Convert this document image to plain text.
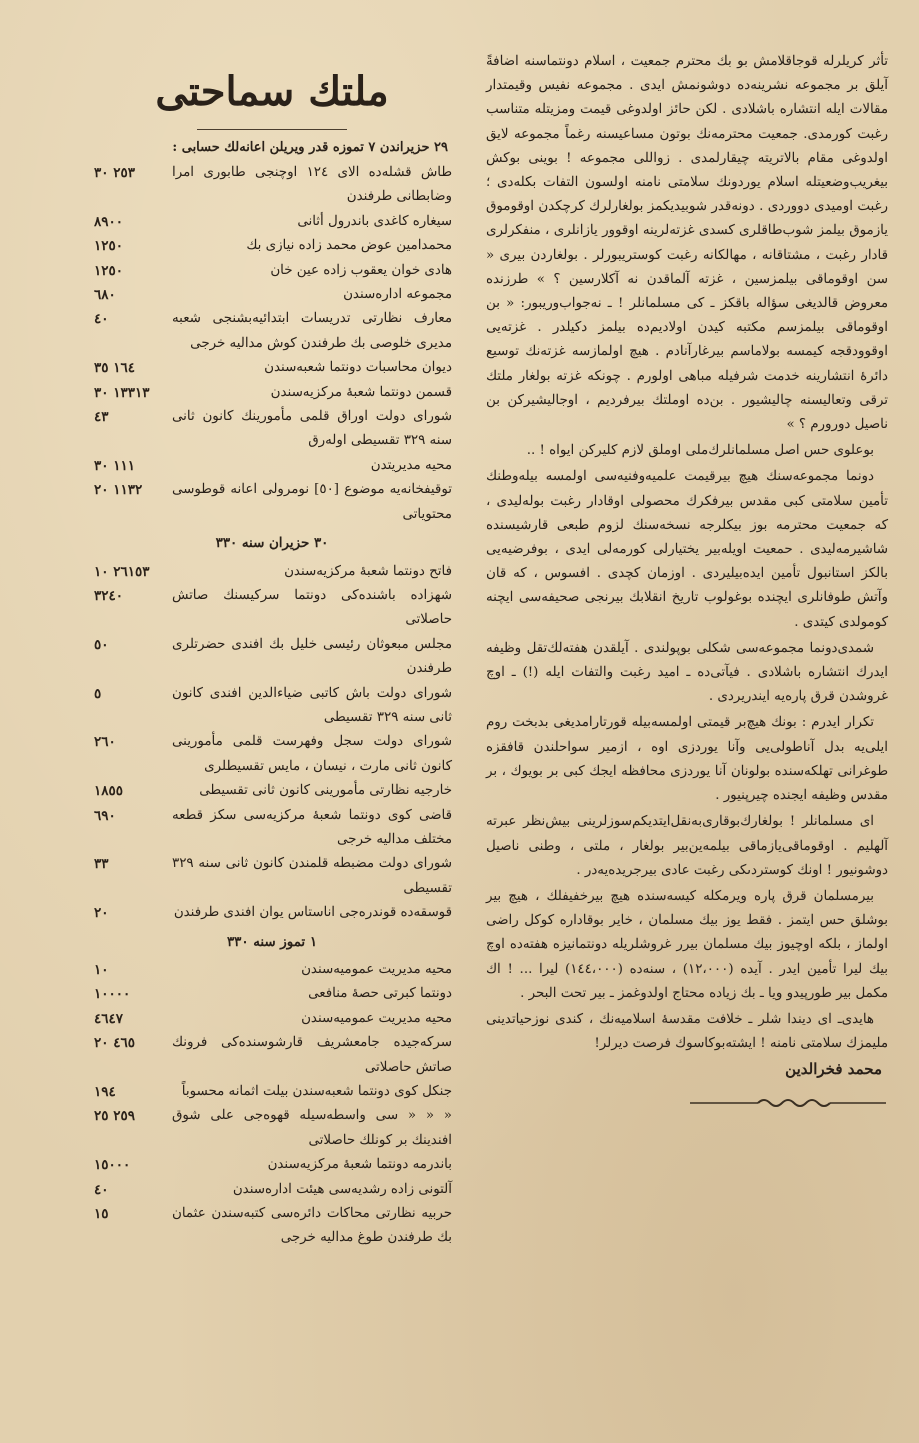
تأثر كريلرله قوجاقلامش بو بك محترم جمعيت ، اسلام دونتماسنه اضافةً آيلق بر مجموعه نشرينه‌ده دوشونمش ايدى . مجموعه نفيس وقيمتدار مقالات ايله انتشاره باشلادى . لكن حائز اولدوغى قيمت ومزيتله متناسب رغبت كورمدى. جمعيت محترمه‌نك بوتون مساعيسنه رغماً مجموعه لايق اولدوغى مقام بالاتريته چيقارلمدى . زواللى مجموعه ! بوينى بوكش بيغريب‌وضعيتله اسلام يوردونك سلامتى نامنه اولسون التفات بكله‌دى ؛ رغبت اوميدى دووردى . دونه‌قدر شوبيديكمز بولغارلرك كرچكدن اوقوموق يازموق بيلمز شوب‌طاقلرى كسدى غزته‌لرينه اوقوور يازانلرى ، منفكرلرى قادار رغبت ، مشتاقانه ، مهالكانه رغبت كوستريبورلر . بولغاردن بيرى « سن اوقوماقى بيلمزسين ، غزته آلماقدن نه آكلارسين ؟ » طرزنده معروض قالديغى سؤاله باقكز ـ كى مسلمانلر ! ـ نه‌جواب‌وريبور: « بن اوقوماقى بيلمزسم مكتبه كيدن اولاديم‌ده بيلمز دكيلدر . غزته‌يى اوقوودقجه كيمسه بولاماسم بيرغارآنادم . هيچ اولمازسه غزته‌نك توسيع دائرهٔ انتشارينه خدمت شرفيله مباهى اولورم . چونكه غزته بولغار ملتك ترقى وتعاليسنه چاليشيور . بن‌ده اوملتك بيرفرديم ، اوجاليشيركن بن ناصيل دورورم ؟ »

بوعلوى حس اصل مسلمانلرك‌ملى اوملق لازم كليركن ايواه ! ..

دونما مجموعه‌سنك هيچ بيرقيمت علميه‌وفنيه‌سى اولمسه بيله‌وطنك تأمين سلامتى كبى مقدس بيرفكرك محصولى اوقادار رغبت بوله‌ليدى ، كه جمعيت محترمه بوز بيكلرجه نسخه‌سنك لزوم طبعى قارشيسنده شاشيرمه‌ليدى . حمعيت اويله‌بير يختيارلى كورمه‌لى ايدى ، بوفرضيه‌يى بالكز استانبول تأمين ايده‌بيليردى . اوزمان كچدى . افسوس ، كه قان وآتش طوفانلرى ايچنده بوغولوب تاريخ انقلابك بيرنجى صحيفه‌سى ايچنه كومولدى كيتدى .

شمدى‌دونما مجموعه‌سى شكلى بوپولندى . آيلقدن هفته‌لك‌تقل وظيفه ايدرك انتشاره باشلادى . فيآتى‌ده ـ اميد رغبت والتفات ايله (!) ـ اوچ غروشدن قرق پاره‌يه ايندريردى .

تكرار ايدرم : بونك هيچ‌بر قيمتى اولمسه‌بيله قورتارامديغى بدبخت روم ايلى‌يه بدل آناطولى‌يى وآنا يوردزى اوه ، ازمير سواحلندن قافقزه طوغرانى تهلكه‌سنده بولونان آنا يوردزى محافظه ايجك كبى بر بويوك ، بر مقدس وظيفه ايجنده چيرپنيور .

اى مسلمانلر ! بولغارك‌بوقارى‌به‌نقل‌ايتديكم‌سوزلرينى بيش‌نظر عبرته آلهليم . اوقوماقى‌يازماقى بيلمه‌ين‌بير بولغار ، ملتى ، وطنى ناصيل دوشونيور ! اونك كوستردىكى رغبت عادى بيرجريده‌يه‌در .

بيرمسلمان قرق پاره ويرمكله كيسه‌سنده هيچ بيرخفيفلك ، هيچ بير بوشلق حس ايتمز . فقط يوز بيك مسلمان ، خاير بوقاداره كوكل راضى اولماز ، بلكه اوچيوز بيك مسلمان بيرر غروشلريله دونتمانيزه هفته‌ده اوچ بيك ليرا تأمين ايدر . آيده (١٢،٠٠٠) ، سنه‌ده (١٤٤،٠٠٠) ليرا ... ! اك مكمل بير طورپيدو ويا ـ بك زياده محتاج اولدوغمز ـ بير تحت البحر .

هايدى‌ـ اى ديندا شلر ـ خلافت مقدسهٔ اسلاميه‌نك ، كندى نوزحياتدينى مليمزك سلامتى نامنه ! ايشته‌بوكاسوك فرصت ديرلر!

محمد فخرالدين
ملتك سماحتى
٢٩ حزيراندن ٧ تموزه قدر ويريلن اعانه‌لك حسابى :
طاش قشله‌ده الاى ١٢٤ اوچنجى طابورى امرا وضابطانى طرفندن
٢٥٣ ٣٠
سيغاره كاغدى باندرول أثانى
٨٩٠٠
محمدامين عوض محمد زاده نيازى بك
١٢٥٠
هادى خوان يعقوب زاده عين خان
١٢٥٠
مجموعه اداره‌سندن
٦٨٠
معارف نظارتى تدريسات ابتدائيه‌بشنجى شعبه مديرى خلوصى بك طرفندن كوش مداليه خرجى
٤٠
ديوان محاسبات دونتما شعبه‌سندن
١٦٤ ٣٥
قسمن دونتما شعبهٔ مركزيه‌سندن
١٣٣١٣ ٣٠
شوراى دولت اوراق قلمى مأمورينك كانون ثانى سنه ٣٢٩ تقسيطى اوله‌رق
٤٣
محيه مديريتدن
١١١ ٣٠
توقيفخانه‌يه موضوع [٥٠] نومرولى اعانه قوطوسى محتوياتى
١١٣٢ ٢٠
٣٠ حزيران سنه ٣٣٠
فاتح دونتما شعبهٔ مركزيه‌سندن
٢٦١٥٣ ١٠
شهزاده باشنده‌كى دونتما سركيسنك صاتش حاصلاتى
٣٢٤٠
مجلس مبعوثان رئيسى خليل بك افندى حضرتلرى طرفندن
٥٠
شوراى دولت باش كاتبى ضياءالدين افندى كانون ثانى سنه ٣٢٩ تقسيطى
٥
شوراى دولت سجل وفهرست قلمى مأمورينى كانون ثانى مارت ، نيسان ، مايس تقسيطلرى
٢٦٠
خارجيه نظارتى مأمورينى كانون ثانى تقسيطى
١٨٥٥
قاضى كوى دونتما شعبهٔ مركزيه‌سى سكز قطعه مختلف مداليه خرجى
٦٩٠
شوراى دولت مضبطه قلمندن كانون ثانى سنه ٣٢٩ تقسيطى
٣٣
قوسقه‌ده قوندره‌جى اناستاس يوان افندى طرفندن
٢٠
١ تموز سنه ٣٣٠
محيه مديريت عموميه‌سندن
١٠
دونتما كبرتى حصهٔ منافعى
١٠٠٠٠
محيه مديريت عموميه‌سندن
٤٦٤٧
سركه‌جيده جامعشريف قارشوسنده‌كى فرونك صاتش حاصلاتى
٤٦٥ ٢٠
جنكل كوى دونتما شعبه‌سندن بيلت اثمانه محسوباً
١٩٤
« « « سى واسطه‌سيله قهوه‌جى على شوق افندينك بر كونلك حاصلاتى
٢٥٩ ٢٥
باندرمه دونتما شعبهٔ مركزيه‌سندن
١٥٠٠٠
آلتونى زاده رشديه‌سى هيئت اداره‌سندن
٤٠
حربيه نظارتى محاكات دائره‌سى كتبه‌سندن عثمان بك طرفندن طوغ مداليه خرجى
١٥
